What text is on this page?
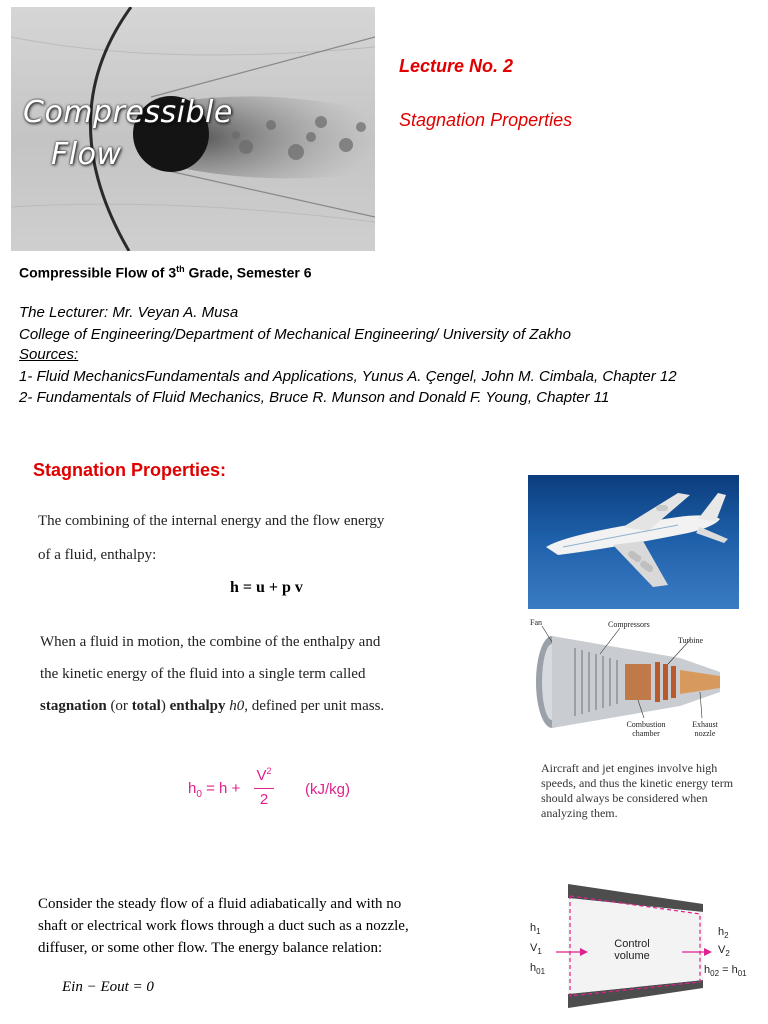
Compressible
Flow
Lecture No. 2
Stagnation Properties
Compressible Flow of 3th Grade, Semester 6
The Lecturer: Mr. Veyan A. Musa
College of Engineering/Department of Mechanical Engineering/ University of Zakho
Sources:
1- Fluid MechanicsFundamentals and Applications, Yunus A. Çengel, John M. Cimbala, Chapter 12
2- Fundamentals of Fluid Mechanics, Bruce R. Munson and Donald F. Young, Chapter 11
Stagnation Properties:
The combining of the internal energy and the flow energy
of a fluid, enthalpy:
h = u + p v
When a fluid in motion, the combine of the enthalpy and
the kinetic energy of the fluid into a single term called
stagnation (or total) enthalpy h0, defined per unit mass.
$h_0 = h$ +
$V^2$
2
(kJ/kg)
Consider the steady flow of a fluid adiabatically and with no
shaft or electrical work flows through a duct such as a nozzle,
diffuser, or some other flow. The energy balance relation:
Ein − Eout = 0
Fan	Compressors
Turbine
Combustion chamber
Exhaust nozzle
Aircraft and jet engines involve high speeds, and thus the kinetic energy term should always be considered when analyzing them.
$h_1$
$V_1$
$h_{01}$
Control
volume
$h_2$
$V_2$
$h_{02} = h_{01}$
